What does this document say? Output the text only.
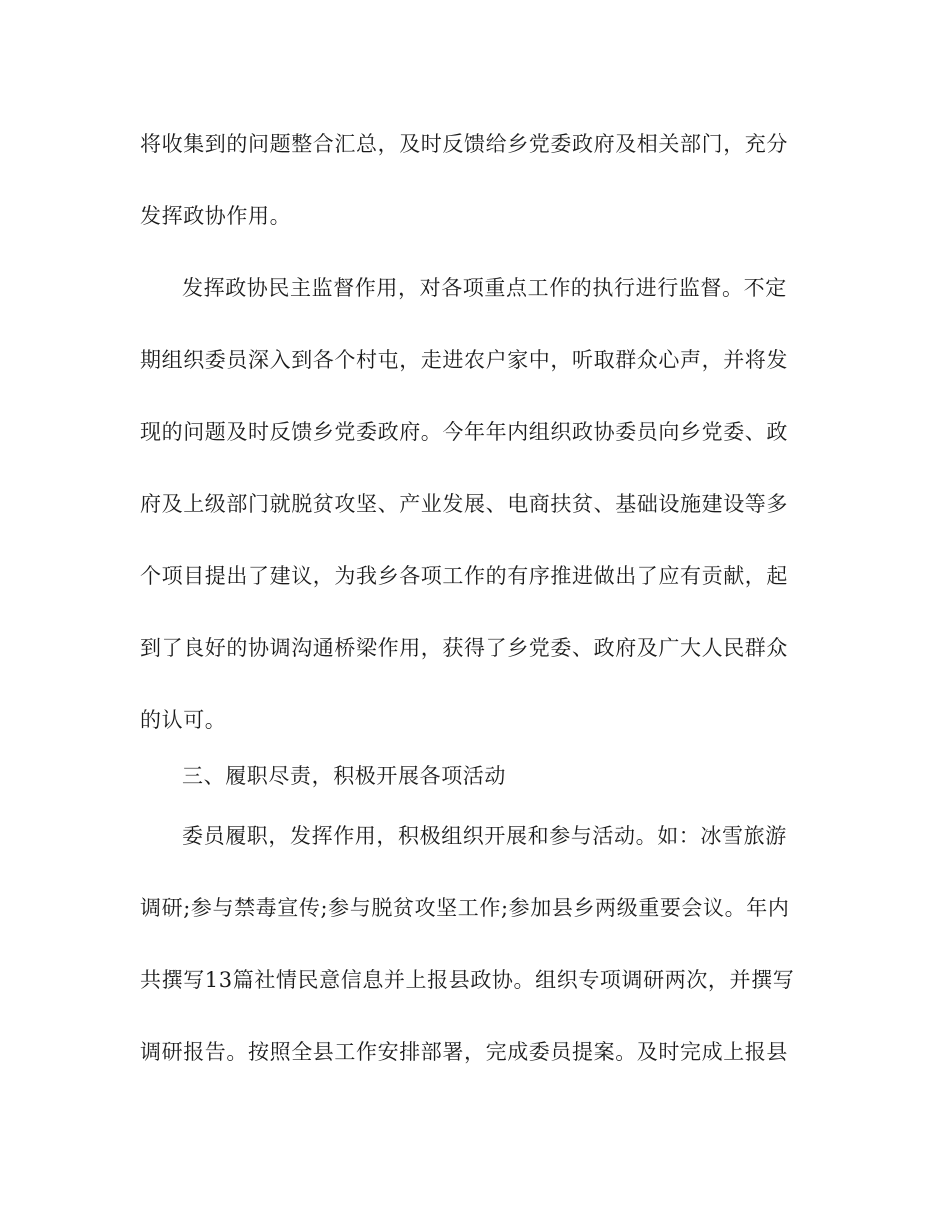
将收集到的问题整合汇总，及时反馈给乡党委政府及相关部门，充分
发挥政协作用。
发挥政协民主监督作用，对各项重点工作的执行进行监督。不定
期组织委员深入到各个村屯，走进农户家中，听取群众心声，并将发
现的问题及时反馈乡党委政府。今年年内组织政协委员向乡党委、政
府及上级部门就脱贫攻坚、产业发展、电商扶贫、基础设施建设等多
个项目提出了建议，为我乡各项工作的有序推进做出了应有贡献，起
到了良好的协调沟通桥梁作用，获得了乡党委、政府及广大人民群众
的认可。
三、履职尽责，积极开展各项活动
委员履职，发挥作用，积极组织开展和参与活动。如：冰雪旅游
调研;参与禁毒宣传;参与脱贫攻坚工作;参加县乡两级重要会议。年内
共撰写13篇社情民意信息并上报县政协。组织专项调研两次，并撰写
调研报告。按照全县工作安排部署，完成委员提案。及时完成上报县
